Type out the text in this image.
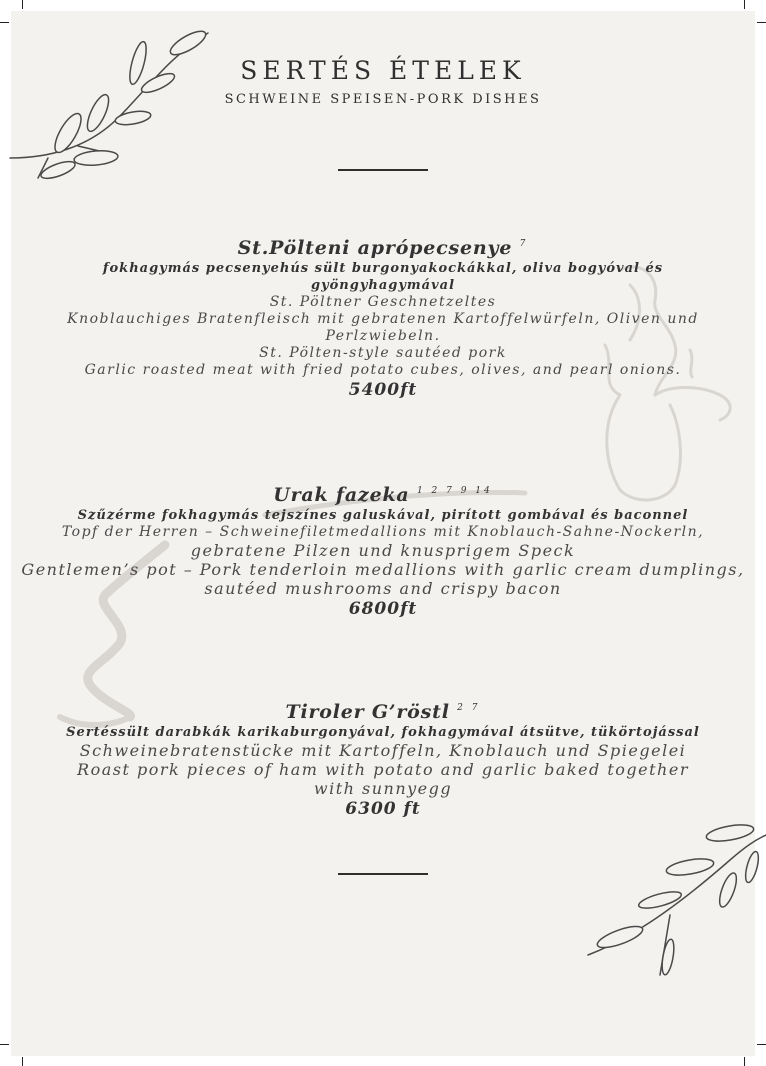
SERTÉS ÉTELEK
SCHWEINE SPEISEN-PORK DISHES
St.Pölteni aprópecsenye $^7$
fokhagymás pecsenyehús sült burgonyakockákkal, oliva bogyóval és gyöngyhagymával
St. Pöltner Geschnetzeltes
Knoblauchiges Bratenfleisch mit gebratenen Kartoffelwürfeln, Oliven und Perlzwiebeln.
St. Pölten-style sautéed pork
Garlic roasted meat with fried potato cubes, olives, and pearl onions.
5400ft
Urak fazeka $^{1 2 7 9 14}$
Szűzérme fokhagymás tejszínes galuskával, pirított gombával és baconnel
Topf der Herren – Schweinefiletmedallions mit Knoblauch-Sahne-Nockerln,
gebratene Pilzen und knusprigem Speck
Gentlemen’s pot – Pork tenderloin medallions with garlic cream dumplings,
sautéed mushrooms and crispy bacon
6800ft
Tiroler G’röstl $^{2 7}$
Sertéssült darabkák karikaburgonyával, fokhagymával átsütve, tükörtojással
Schweinebratenstücke mit Kartoffeln, Knoblauch und Spiegelei
Roast pork pieces of ham with potato and garlic baked together with sunnyegg
6300 ft
